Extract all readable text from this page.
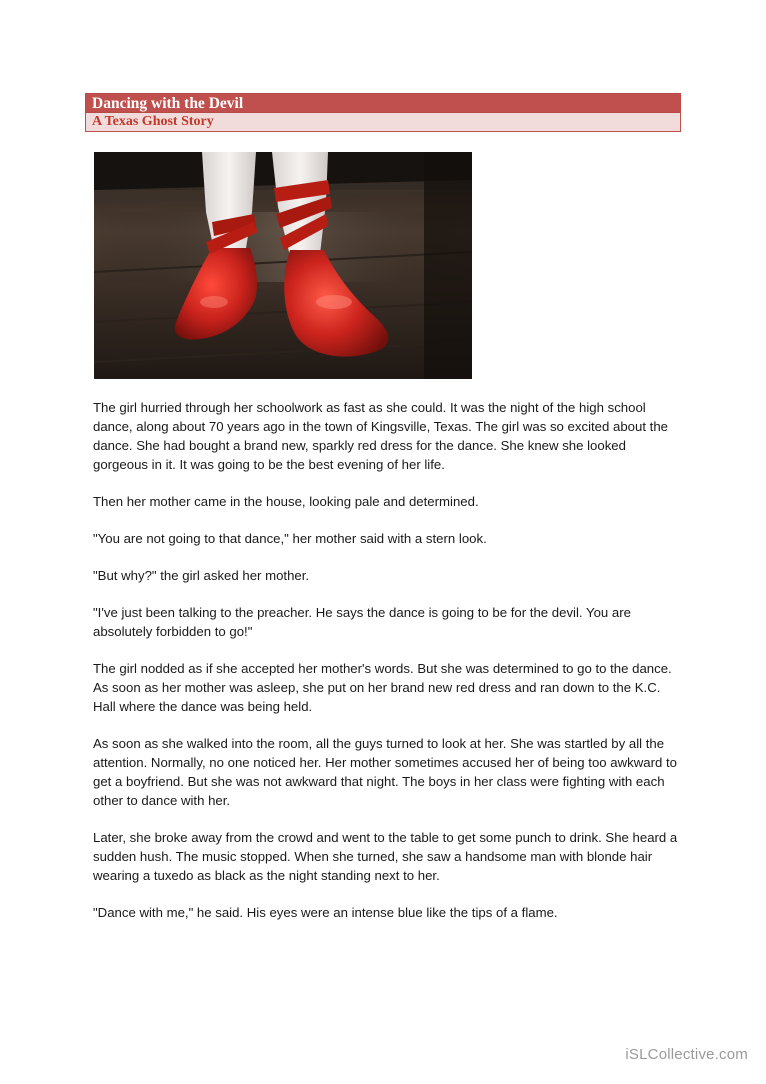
Dancing with the Devil
A Texas Ghost Story

The girl hurried through her schoolwork as fast as she could. It was the night of the high school dance, along about 70 years ago in the town of Kingsville, Texas. The girl was so excited about the dance. She had bought a brand new, sparkly red dress for the dance. She knew she looked gorgeous in it. It was going to be the best evening of her life.

Then her mother came in the house, looking pale and determined.

"You are not going to that dance," her mother said with a stern look.

"But why?" the girl asked her mother.

"I've just been talking to the preacher. He says the dance is going to be for the devil. You are absolutely forbidden to go!"

The girl nodded as if she accepted her mother's words. But she was determined to go to the dance. As soon as her mother was asleep, she put on her brand new red dress and ran down to the K.C. Hall where the dance was being held.

As soon as she walked into the room, all the guys turned to look at her. She was startled by all the attention. Normally, no one noticed her. Her mother sometimes accused her of being too awkward to get a boyfriend. But she was not awkward that night. The boys in her class were fighting with each other to dance with her.

Later, she broke away from the crowd and went to the table to get some punch to drink. She heard a sudden hush. The music stopped. When she turned, she saw a handsome man with blonde hair wearing a tuxedo as black as the night standing next to her.

"Dance with me," he said. His eyes were an intense blue like the tips of a flame.

iSLCollective.com
